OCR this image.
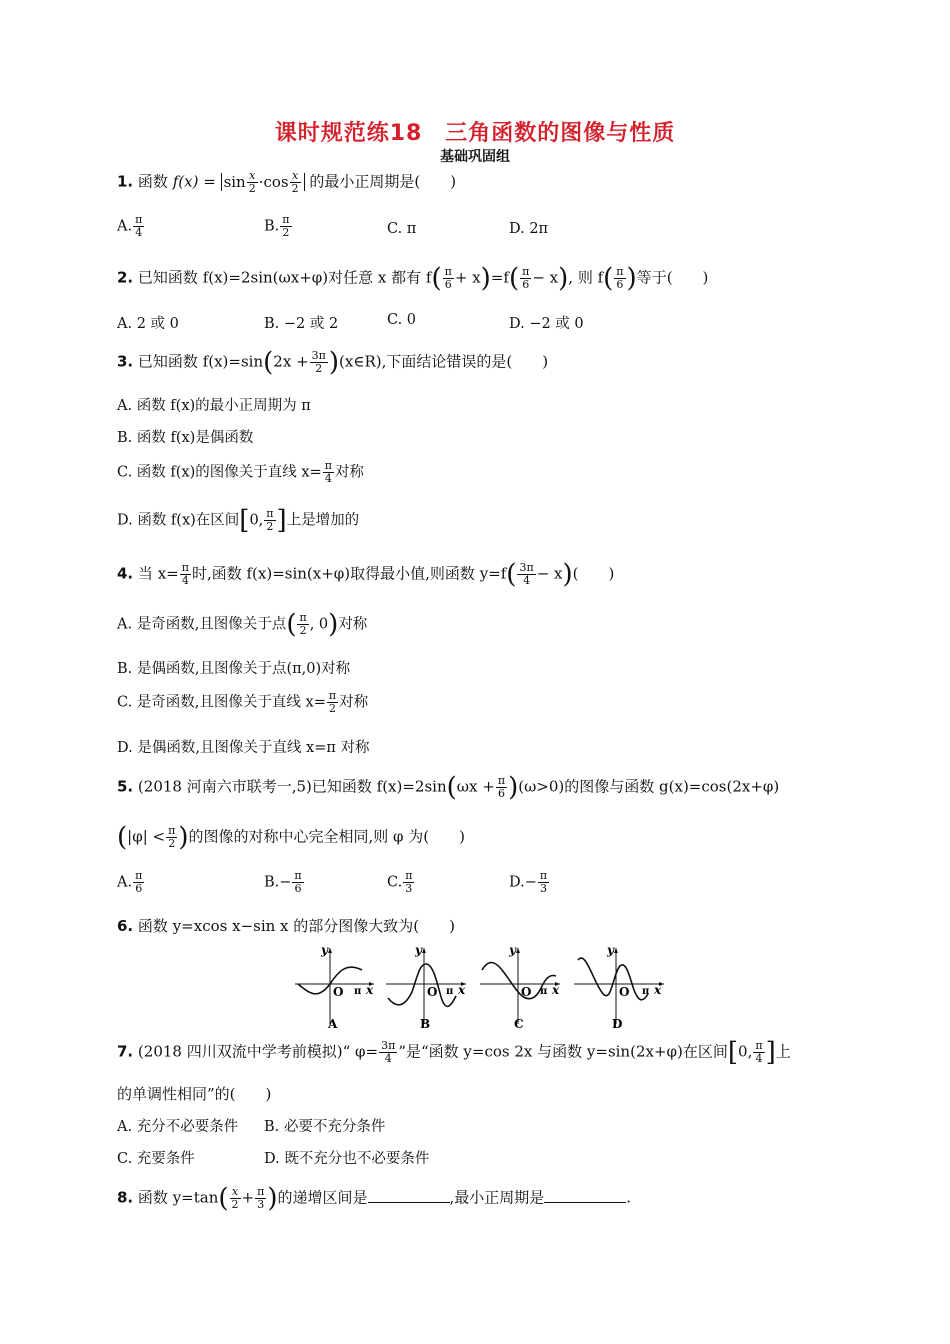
课时规范练18　三角函数的图像与性质
基础巩固组
1. 函数 $f(x) = \sin \frac{x}{2} \cdot\cos \frac{x}{2}$ 的最小正周期是(　　)
A. $\frac{\pi}{4}$	B. $\frac{\pi}{2}$	C. π	D. 2π
2. 已知函数 f(x)=2sin(ωx+φ)对任意 x 都有 $f( \frac{\pi}{6} + x)=f( \frac{\pi}{6} - x)$, 则 $f( \frac{\pi}{6}$ )等于(　　)
A. 2 或 0	B. −2 或 2	C. 0	D. −2 或 0
3. 已知函数 $f(x)=\sin(2x + \frac{3\pi}{2}$ )(x∈R),下面结论错误的是(　　)
A. 函数 f(x)的最小正周期为 π
B. 函数 f(x)是偶函数
C. 函数 f(x)的图像关于直线 $x= \frac{\pi}{4}$ 对称
D. 函数 f(x)在区间[0, $\frac{\pi}{2}$ ]上是增加的
4. 当 $x= \frac{\pi}{4}$ 时,函数 f(x)=sin(x+φ)取得最小值,则函数 $y=f( \frac{3\pi}{4} - x)$(　　)
A. 是奇函数,且图像关于点( $\frac{\pi}{2}$ , 0)对称
B. 是偶函数,且图像关于点(π,0)对称
C. 是奇函数,且图像关于直线 $x= \frac{\pi}{2}$ 对称
D. 是偶函数,且图像关于直线 x=π 对称
5. (2018 河南六市联考一,5)已知函数 $f(x)=2\sin(\omega x + \frac{\pi}{6} )(\omega>0)$的图像与函数 g(x)=cos(2x+φ)
($|\varphi| < \frac{\pi}{2}$ )的图像的对称中心完全相同,则 φ 为(　　)
A. $\frac{\pi}{6}$	$B.- \frac{\pi}{6}$	C. $\frac{\pi}{3}$	$D.- \frac{\pi}{3}$
6. 函数 y=xcos x−sin x 的部分图像大致为(　　)
y
O π x
A
y
O π x
B
y
O π x
C
y
O π x
D
7. (2018 四川双流中学考前模拟)“ $\varphi= \frac{3\pi}{4}$ ”是“函数 y=cos 2x 与函数 y=sin(2x+φ)在区间[0, $\frac{\pi}{4}$ ]上
的单调性相同”的(　　)
A. 充分不必要条件 B. 必要不充分条件
C. 充要条件	D. 既不充分也不必要条件
8. 函数 $y=\tan( \frac{x}{2} + \frac{\pi}{3}$ )的递增区间是	,最小正周期是	.
